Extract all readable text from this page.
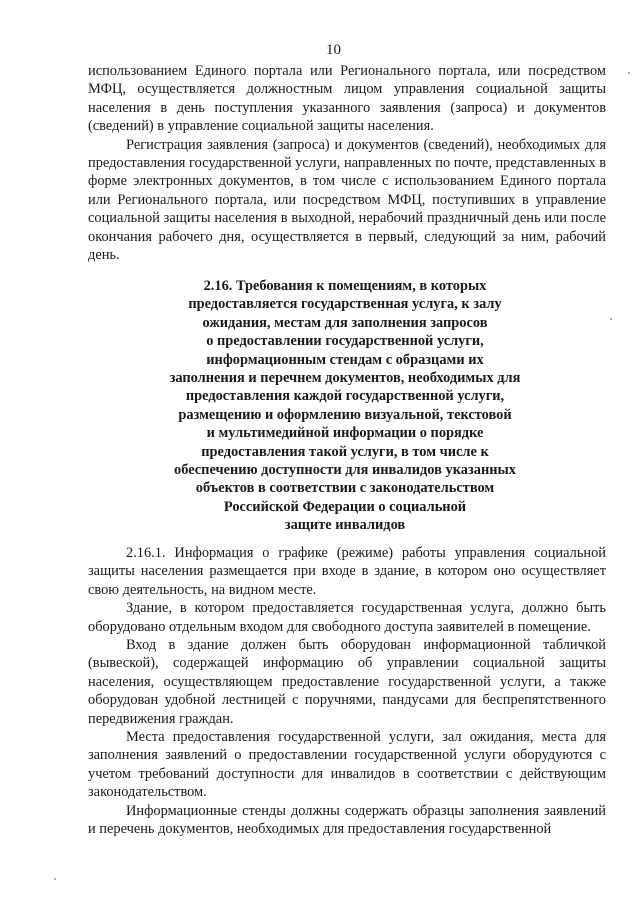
10

использованием Единого портала или Регионального портала, или посредством МФЦ, осуществляется должностным лицом управления социальной защиты населения в день поступления указанного заявления (запроса) и документов (сведений) в управление социальной защиты населения.

Регистрация заявления (запроса) и документов (сведений), необходимых для предоставления государственной услуги, направленных по почте, представленных в форме электронных документов, в том числе с использованием Единого портала или Регионального портала, или посредством МФЦ, поступивших в управление социальной защиты населения в выходной, нерабочий праздничный день или после окончания рабочего дня, осуществляется в первый, следующий за ним, рабочий день.

2.16. Требования к помещениям, в которых
предоставляется государственная услуга, к залу
ожидания, местам для заполнения запросов
о предоставлении государственной услуги,
информационным стендам с образцами их
заполнения и перечнем документов, необходимых для
предоставления каждой государственной услуги,
размещению и оформлению визуальной, текстовой
и мультимедийной информации о порядке
предоставления такой услуги, в том числе к
обеспечению доступности для инвалидов указанных
объектов в соответствии с законодательством
Российской Федерации о социальной
защите инвалидов

2.16.1. Информация о графике (режиме) работы управления социальной защиты населения размещается при входе в здание, в котором оно осуществляет свою деятельность, на видном месте.

Здание, в котором предоставляется государственная услуга, должно быть оборудовано отдельным входом для свободного доступа заявителей в помещение.

Вход в здание должен быть оборудован информационной табличкой (вывеской), содержащей информацию об управлении социальной защиты населения, осуществляющем предоставление государственной услуги, а также оборудован удобной лестницей с поручнями, пандусами для беспрепятственного передвижения граждан.

Места предоставления государственной услуги, зал ожидания, места для заполнения заявлений о предоставлении государственной услуги оборудуются с учетом требований доступности для инвалидов в соответствии с действующим законодательством.

Информационные стенды должны содержать образцы заполнения заявлений и перечень документов, необходимых для предоставления государственной
